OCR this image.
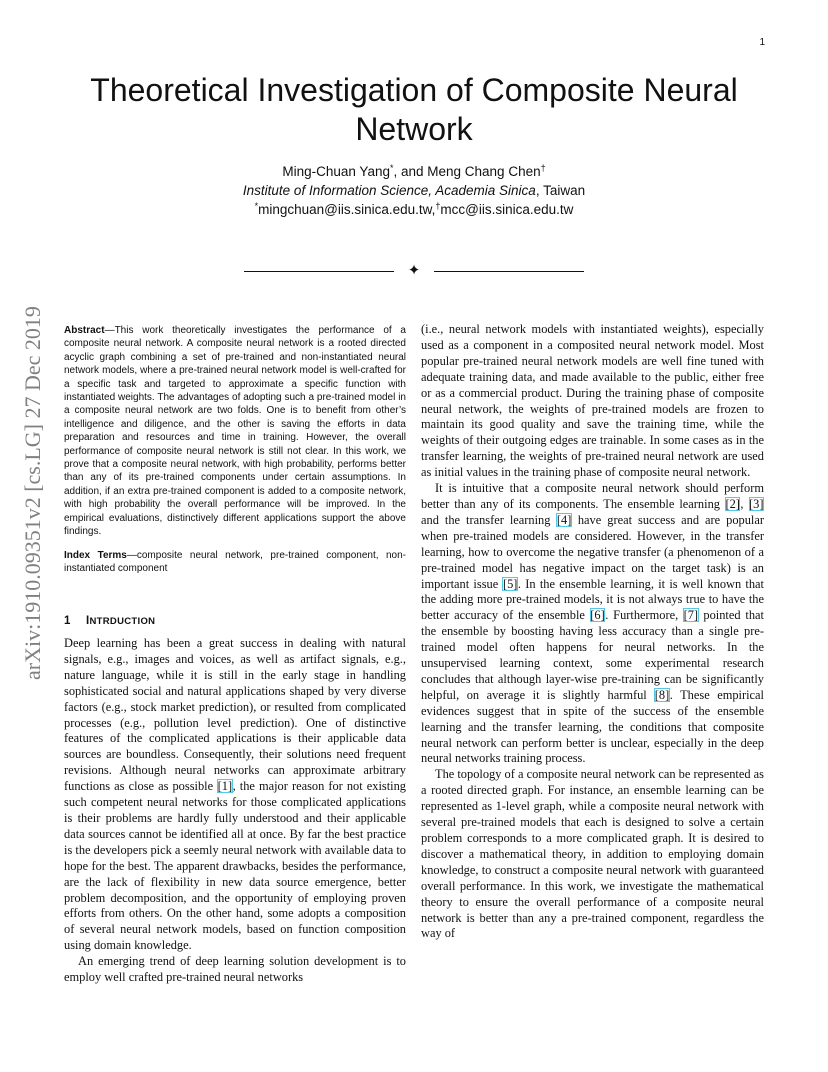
1
arXiv:1910.09351v2 [cs.LG] 27 Dec 2019
Theoretical Investigation of Composite Neural Network
Ming-Chuan Yang*, and Meng Chang Chen†
Institute of Information Science, Academia Sinica, Taiwan
*mingchuan@iis.sinica.edu.tw,†mcc@iis.sinica.edu.tw
✦

Abstract—This work theoretically investigates the performance of a composite neural network. A composite neural network is a rooted directed acyclic graph combining a set of pre-trained and non-instantiated neural network models, where a pre-trained neural network model is well-crafted for a specific task and targeted to approximate a specific function with instantiated weights. The advantages of adopting such a pre-trained model in a composite neural network are two folds. One is to benefit from other’s intelligence and diligence, and the other is saving the efforts in data preparation and resources and time in training. However, the overall performance of composite neural network is still not clear. In this work, we prove that a composite neural network, with high probability, performs better than any of its pre-trained components under certain assumptions. In addition, if an extra pre-trained component is added to a composite network, with high probability the overall performance will be improved. In the empirical evaluations, distinctively different applications support the above findings.

Index Terms—composite neural network, pre-trained component, non-instantiated component

1 INTRDUCTION

Deep learning has been a great success in dealing with natural signals, e.g., images and voices, as well as artifact signals, e.g., nature language, while it is still in the early stage in handling sophisticated social and natural applications shaped by very diverse factors (e.g., stock market prediction), or resulted from complicated processes (e.g., pollution level prediction). One of distinctive features of the complicated applications is their applicable data sources are boundless. Consequently, their solutions need frequent revisions. Although neural networks can approximate arbitrary functions as close as possible [1], the major reason for not existing such competent neural networks for those complicated applications is their problems are hardly fully understood and their applicable data sources cannot be identified all at once. By far the best practice is the developers pick a seemly neural network with available data to hope for the best. The apparent drawbacks, besides the performance, are the lack of flexibility in new data source emergence, better problem decomposition, and the opportunity of employing proven efforts from others. On the other hand, some adopts a composition of several neural network models, based on function composition using domain knowledge.

An emerging trend of deep learning solution development is to employ well crafted pre-trained neural networks

(i.e., neural network models with instantiated weights), especially used as a component in a composited neural network model. Most popular pre-trained neural network models are well fine tuned with adequate training data, and made available to the public, either free or as a commercial product. During the training phase of composite neural network, the weights of pre-trained models are frozen to maintain its good quality and save the training time, while the weights of their outgoing edges are trainable. In some cases as in the transfer learning, the weights of pre-trained neural network are used as initial values in the training phase of composite neural network.

It is intuitive that a composite neural network should perform better than any of its components. The ensemble learning [2], [3] and the transfer learning [4] have great success and are popular when pre-trained models are considered. However, in the transfer learning, how to overcome the negative transfer (a phenomenon of a pre-trained model has negative impact on the target task) is an important issue [5]. In the ensemble learning, it is well known that the adding more pre-trained models, it is not always true to have the better accuracy of the ensemble [6]. Furthermore, [7] pointed that the ensemble by boosting having less accuracy than a single pre-trained model often happens for neural networks. In the unsupervised learning context, some experimental research concludes that although layer-wise pre-training can be significantly helpful, on average it is slightly harmful [8]. These empirical evidences suggest that in spite of the success of the ensemble learning and the transfer learning, the conditions that composite neural network can perform better is unclear, especially in the deep neural networks training process.

The topology of a composite neural network can be represented as a rooted directed graph. For instance, an ensemble learning can be represented as 1-level graph, while a composite neural network with several pre-trained models that each is designed to solve a certain problem corresponds to a more complicated graph. It is desired to discover a mathematical theory, in addition to employing domain knowledge, to construct a composite neural network with guaranteed overall performance. In this work, we investigate the mathematical theory to ensure the overall performance of a composite neural network is better than any a pre-trained component, regardless the way of
